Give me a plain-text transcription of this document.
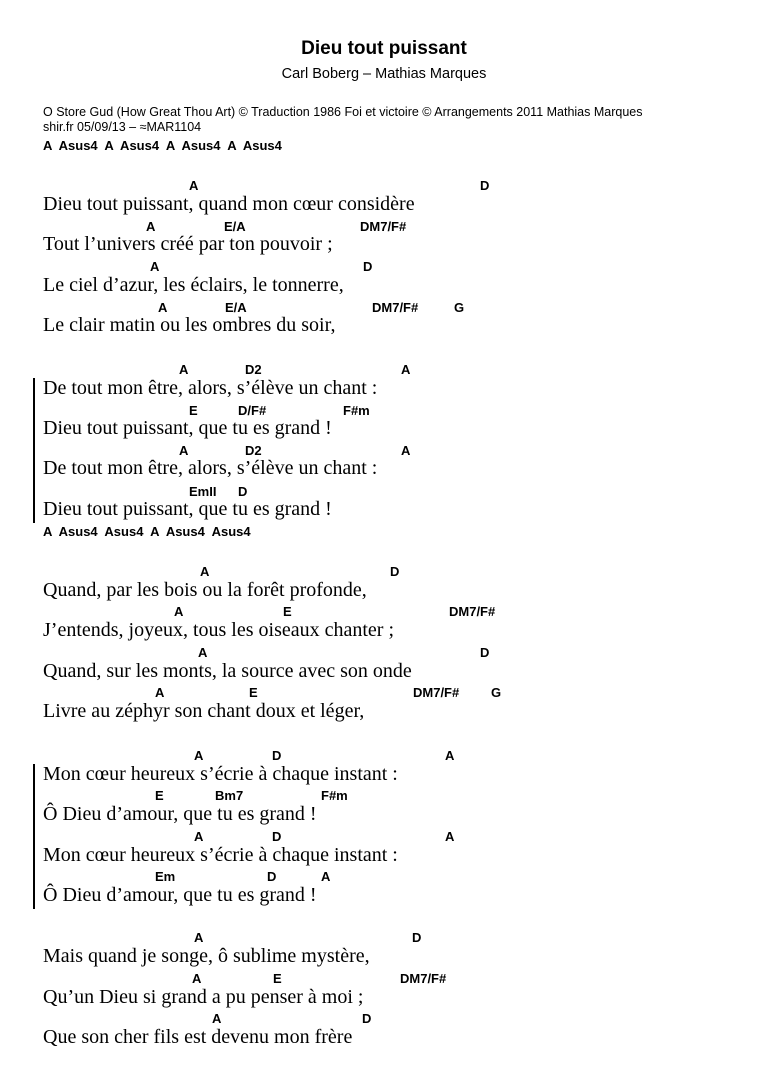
Dieu tout puissant
Carl Boberg – Mathias Marques
O Store Gud (How Great Thou Art) © Traduction 1986 Foi et victoire © Arrangements 2011 Mathias Marques
shir.fr 05/09/13 – ≈MAR1104
A  Asus4  A  Asus4  A  Asus4  A  Asus4
A	D
Dieu tout puissant, quand mon cœur considère
A	E/A	DM7/F#
Tout l’univers créé par ton pouvoir ;
A	D
Le ciel d’azur, les éclairs, le tonnerre,
A	E/A	DM7/F#	G
Le clair matin ou les ombres du soir,
A	D2	A
De tout mon être, alors, s’élève un chant :
E	D/F#	F#m
Dieu tout puissant, que tu es grand !
A	D2	A
De tout mon être, alors, s’élève un chant :
EmII D
Dieu tout puissant, que tu es grand !
A  Asus4  Asus4  A  Asus4  Asus4
A	D
Quand, par les bois ou la forêt profonde,
A	E	DM7/F#
J’entends, joyeux, tous les oiseaux chanter ;
A	D
Quand, sur les monts, la source avec son onde
A	E	DM7/F# G
Livre au zéphyr son chant doux et léger,
A	D	A
Mon cœur heureux s’écrie à chaque instant :
E	Bm7	F#m
Ô Dieu d’amour, que tu es grand !
A	D	A
Mon cœur heureux s’écrie à chaque instant :
Em	D	A
Ô Dieu d’amour, que tu es grand !
A	D
Mais quand je songe, ô sublime mystère,
A	E	DM7/F#
Qu’un Dieu si grand a pu penser à moi ;
A	D
Que son cher fils est devenu mon frère
